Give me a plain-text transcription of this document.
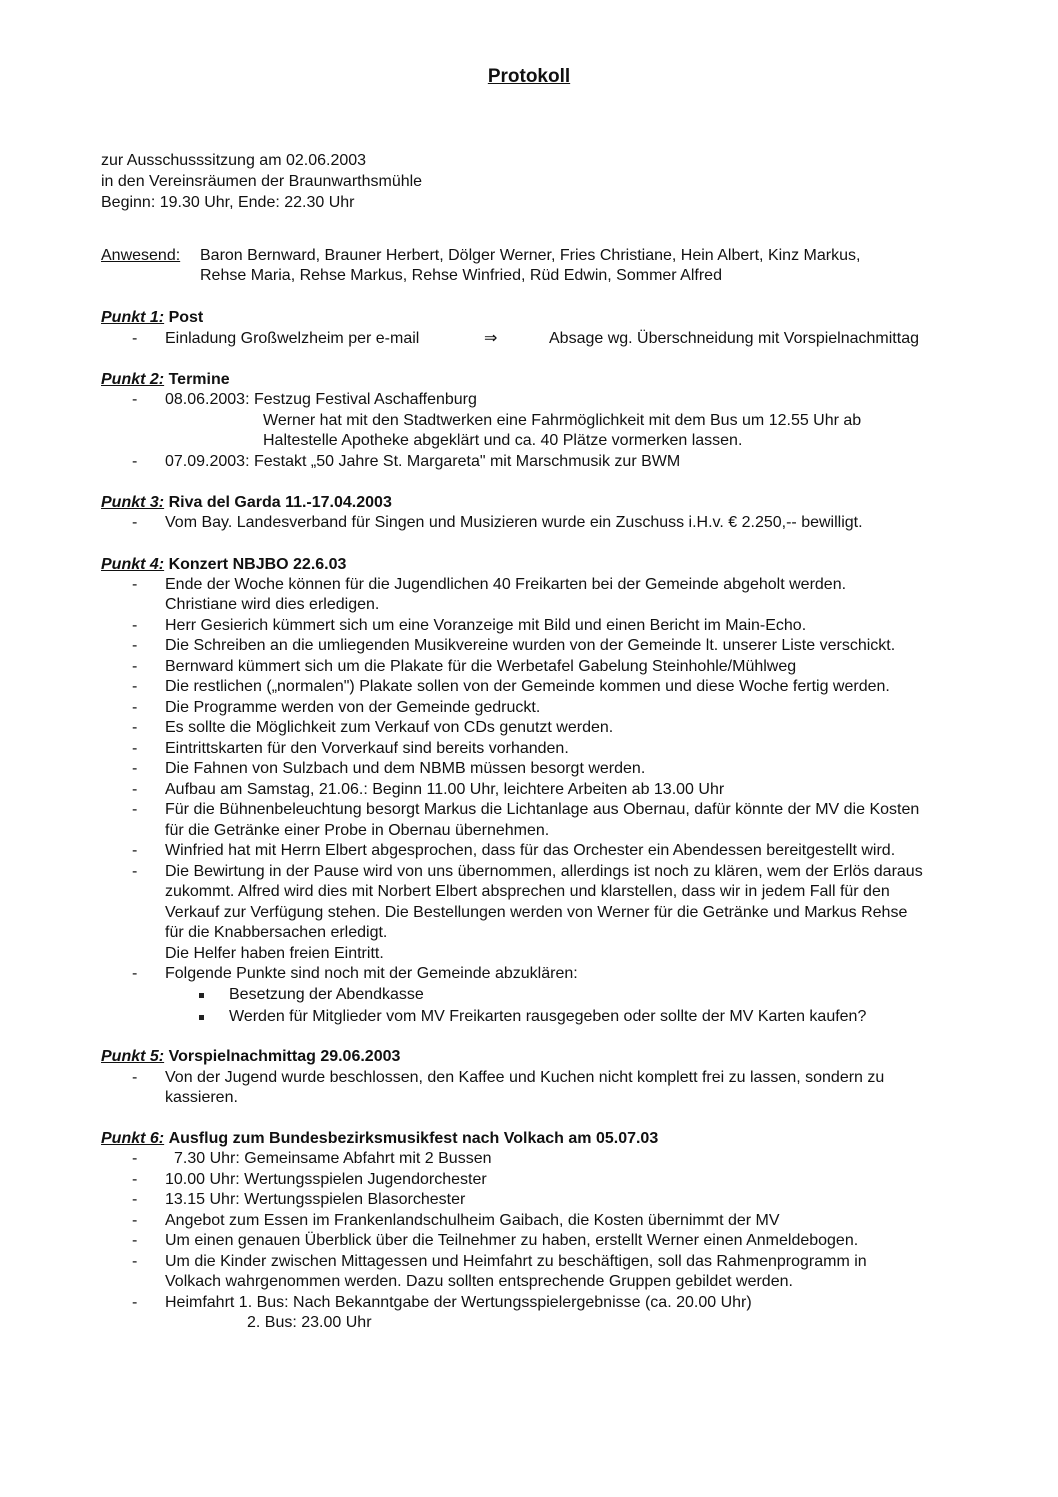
Protokoll
zur Ausschusssitzung am 02.06.2003
in den Vereinsräumen der Braunwarthsmühle
Beginn: 19.30 Uhr, Ende: 22.30 Uhr
Anwesend: Baron Bernward, Brauner Herbert, Dölger Werner, Fries Christiane, Hein Albert, Kinz Markus,
Rehse Maria, Rehse Markus, Rehse Winfried, Rüd Edwin, Sommer Alfred
Punkt 1: Post
- Einladung Großwelzheim per e-mail	⇒	Absage wg. Überschneidung mit Vorspielnachmittag
Punkt 2: Termine
- 08.06.2003: Festzug Festival Aschaffenburg
Werner hat mit den Stadtwerken eine Fahrmöglichkeit mit dem Bus um 12.55 Uhr ab
Haltestelle Apotheke abgeklärt und ca. 40 Plätze vormerken lassen.
- 07.09.2003: Festakt „50 Jahre St. Margareta" mit Marschmusik zur BWM
Punkt 3: Riva del Garda 11.-17.04.2003
- Vom Bay. Landesverband für Singen und Musizieren wurde ein Zuschuss i.H.v. € 2.250,-- bewilligt.
Punkt 4: Konzert NBJBO 22.6.03
- Ende der Woche können für die Jugendlichen 40 Freikarten bei der Gemeinde abgeholt werden.
Christiane wird dies erledigen.
- Herr Gesierich kümmert sich um eine Voranzeige mit Bild und einen Bericht im Main-Echo.
- Die Schreiben an die umliegenden Musikvereine wurden von der Gemeinde lt. unserer Liste verschickt.
- Bernward kümmert sich um die Plakate für die Werbetafel Gabelung Steinhohle/Mühlweg
- Die restlichen („normalen") Plakate sollen von der Gemeinde kommen und diese Woche fertig werden.
- Die Programme werden von der Gemeinde gedruckt.
- Es sollte die Möglichkeit zum Verkauf von CDs genutzt werden.
- Eintrittskarten für den Vorverkauf sind bereits vorhanden.
- Die Fahnen von Sulzbach und dem NBMB müssen besorgt werden.
- Aufbau am Samstag, 21.06.: Beginn 11.00 Uhr, leichtere Arbeiten ab 13.00 Uhr
- Für die Bühnenbeleuchtung besorgt Markus die Lichtanlage aus Obernau, dafür könnte der MV die Kosten
für die Getränke einer Probe in Obernau übernehmen.
- Winfried hat mit Herrn Elbert abgesprochen, dass für das Orchester ein Abendessen bereitgestellt wird.
- Die Bewirtung in der Pause wird von uns übernommen, allerdings ist noch zu klären, wem der Erlös daraus
zukommt. Alfred wird dies mit Norbert Elbert absprechen und klarstellen, dass wir in jedem Fall für den
Verkauf zur Verfügung stehen. Die Bestellungen werden von Werner für die Getränke und Markus Rehse
für die Knabbersachen erledigt.
Die Helfer haben freien Eintritt.
- Folgende Punkte sind noch mit der Gemeinde abzuklären:
Besetzung der Abendkasse
Werden für Mitglieder vom MV Freikarten rausgegeben oder sollte der MV Karten kaufen?
Punkt 5: Vorspielnachmittag 29.06.2003
- Von der Jugend wurde beschlossen, den Kaffee und Kuchen nicht komplett frei zu lassen, sondern zu
kassieren.
Punkt 6: Ausflug zum Bundesbezirksmusikfest nach Volkach am 05.07.03
- 7.30 Uhr: Gemeinsame Abfahrt mit 2 Bussen
- 10.00 Uhr: Wertungsspielen Jugendorchester
- 13.15 Uhr: Wertungsspielen Blasorchester
- Angebot zum Essen im Frankenlandschulheim Gaibach, die Kosten übernimmt der MV
- Um einen genauen Überblick über die Teilnehmer zu haben, erstellt Werner einen Anmeldebogen.
- Um die Kinder zwischen Mittagessen und Heimfahrt zu beschäftigen, soll das Rahmenprogramm in
Volkach wahrgenommen werden. Dazu sollten entsprechende Gruppen gebildet werden.
- Heimfahrt 1. Bus: Nach Bekanntgabe der Wertungsspielergebnisse (ca. 20.00 Uhr)
2. Bus: 23.00 Uhr
